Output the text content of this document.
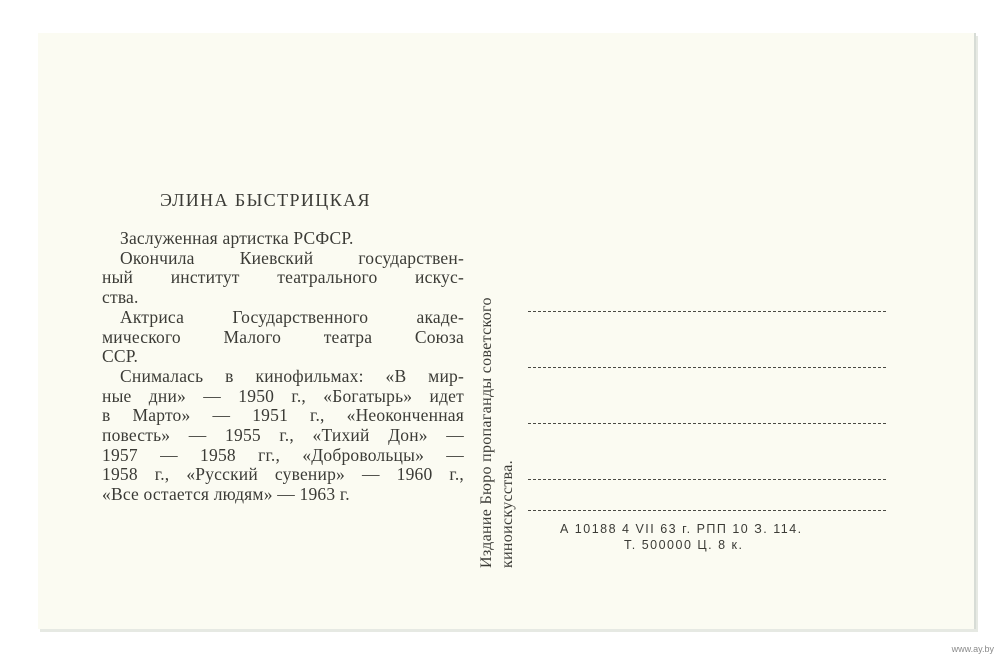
ЭЛИНА БЫСТРИЦКАЯ
Заслуженная артистка РСФСР.
Окончила Киевский государствен-
ный институт театрального искус-
ства.
Актриса Государственного акаде-
мического Малого театра Союза
ССР.
Снималась в кинофильмах: «В мир-
ные дни» — 1950 г., «Богатырь» идет
в Марто» — 1951 г., «Неоконченная
повесть» — 1955 г., «Тихий Дон» —
1957 — 1958 гг., «Добровольцы» —
1958 г., «Русский сувенир» — 1960 г.,
«Все остается людям» — 1963 г.	Издание Бюро пропаганды советского киноискусства.	А 10188 4 VII 63 г. РПП 10 З. 114.
Т. 500000 Ц. 8 к.
www.ay.by
